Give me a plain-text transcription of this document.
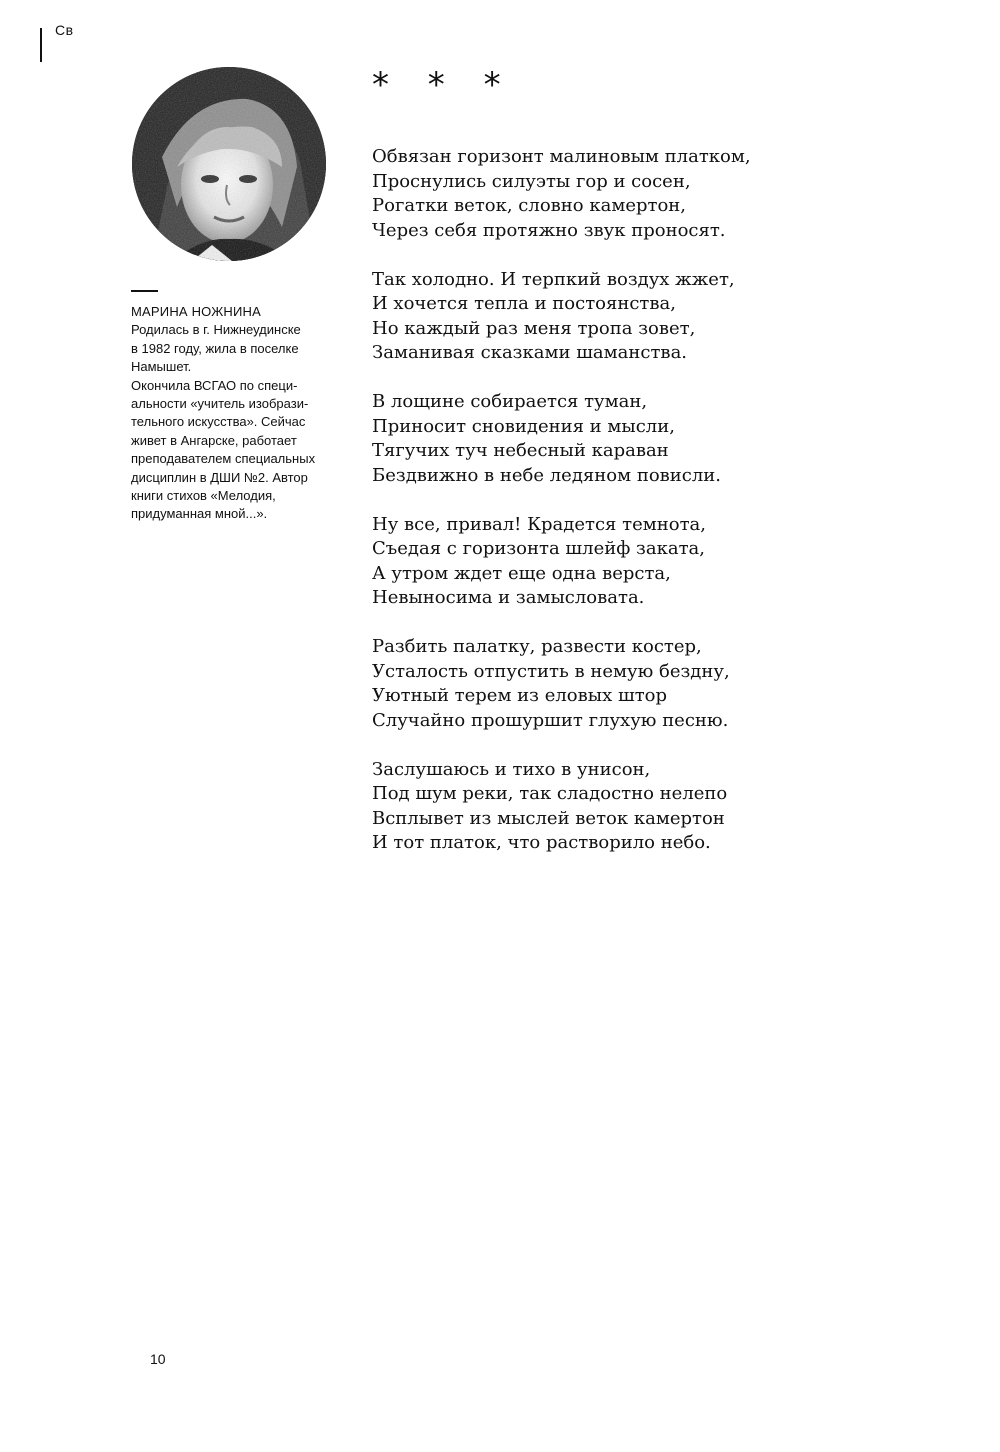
Св
МАРИНА НОЖНИНА
Родилась в г. Нижнеудинске
в 1982 году, жила в поселке
Намышет.
Окончила ВСГАО по специ-
альности «учитель изобрази-
тельного искусства». Сейчас
живет в Ангарске, работает
преподавателем специальных
дисциплин в ДШИ №2. Автор
книги стихов «Мелодия,
придуманная мной...».
* * *
Обвязан горизонт малиновым платком,
Проснулись силуэты гор и сосен,
Рогатки веток, словно камертон,
Через себя протяжно звук проносят.
Так холодно. И терпкий воздух жжет,
И хочется тепла и постоянства,
Но каждый раз меня тропа зовет,
Заманивая сказками шаманства.
В лощине собирается туман,
Приносит сновидения и мысли,
Тягучих туч небесный караван
Бездвижно в небе ледяном повисли.
Ну все, привал! Крадется темнота,
Съедая с горизонта шлейф заката,
А утром ждет еще одна верста,
Невыносима и замысловата.
Разбить палатку, развести костер,
Усталость отпустить в немую бездну,
Уютный терем из еловых штор
Случайно прошуршит глухую песню.
Заслушаюсь и тихо в унисон,
Под шум реки, так сладостно нелепо
Всплывет из мыслей веток камертон
И тот платок, что растворило небо.
10
